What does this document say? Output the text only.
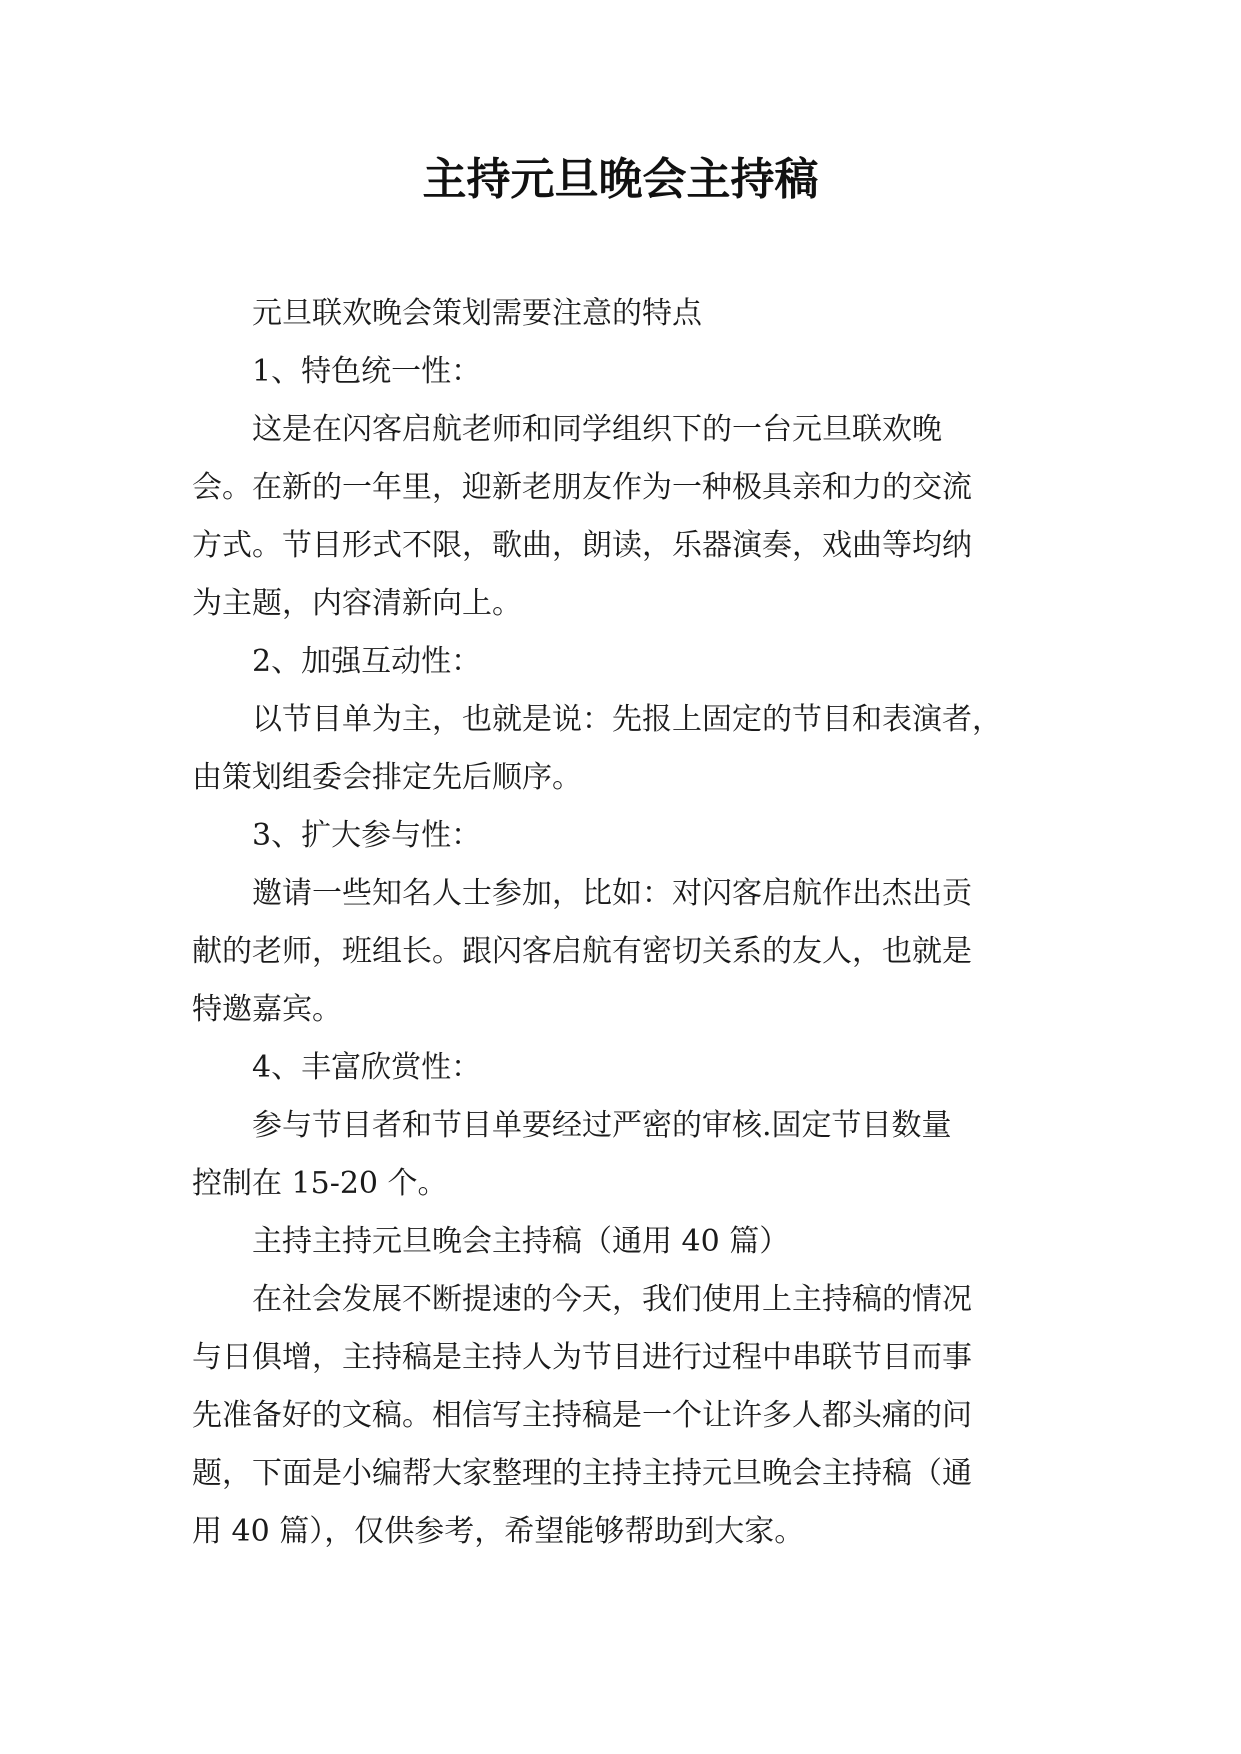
主持元旦晚会主持稿

元旦联欢晚会策划需要注意的特点

1、特色统一性：

这是在闪客启航老师和同学组织下的一台元旦联欢晚
会。在新的一年里，迎新老朋友作为一种极具亲和力的交流
方式。节目形式不限，歌曲，朗读，乐器演奏，戏曲等均纳
为主题，内容清新向上。

2、加强互动性：

以节目单为主，也就是说：先报上固定的节目和表演者，
由策划组委会排定先后顺序。

3、扩大参与性：

邀请一些知名人士参加，比如：对闪客启航作出杰出贡
献的老师，班组长。跟闪客启航有密切关系的友人，也就是
特邀嘉宾。

4、丰富欣赏性：

参与节目者和节目单要经过严密的审核.固定节目数量
控制在 15-20 个。

主持主持元旦晚会主持稿（通用 40 篇）

在社会发展不断提速的今天，我们使用上主持稿的情况
与日俱增，主持稿是主持人为节目进行过程中串联节目而事
先准备好的文稿。相信写主持稿是一个让许多人都头痛的问
题，下面是小编帮大家整理的主持主持元旦晚会主持稿（通
用 40 篇），仅供参考，希望能够帮助到大家。
